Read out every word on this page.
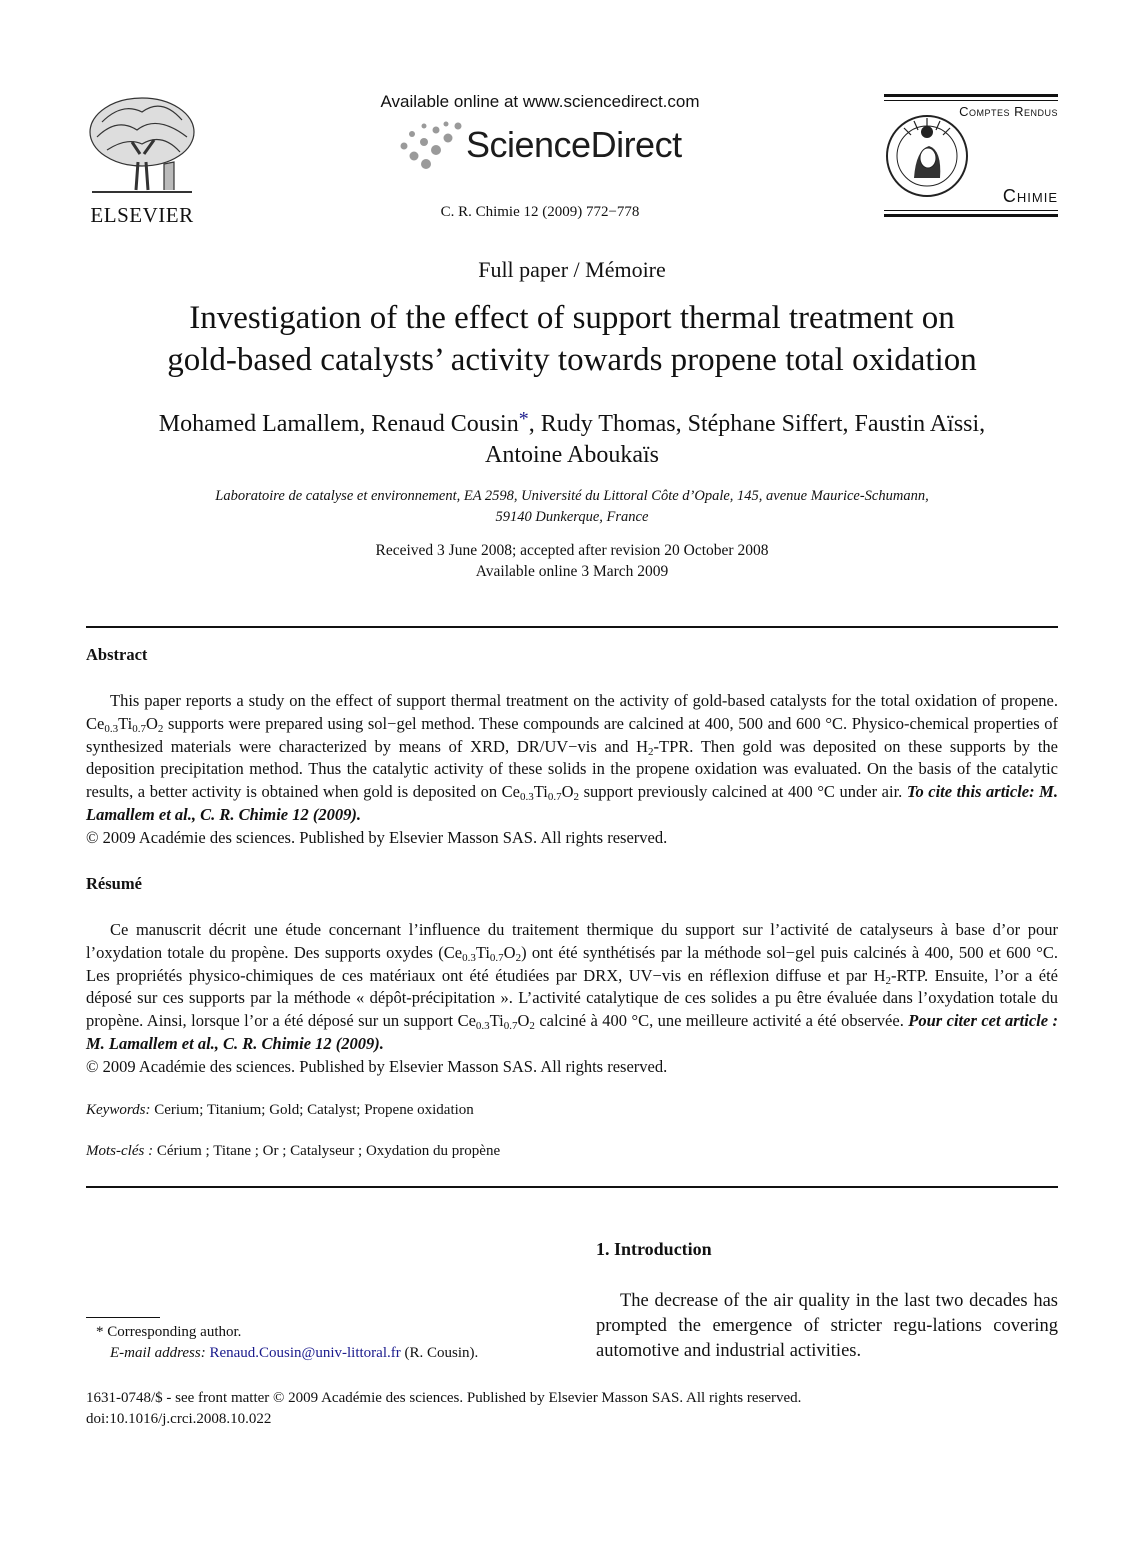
ELSEVIER
Available online at www.sciencedirect.com
ScienceDirect
C. R. Chimie 12 (2009) 772−778
Comptes Rendus
Chimie
Full paper / Mémoire
Investigation of the effect of support thermal treatment on
gold-based catalysts’ activity towards propene total oxidation
Mohamed Lamallem, Renaud Cousin*, Rudy Thomas, Stéphane Siffert, Faustin Aïssi,
Antoine Aboukaïs
Laboratoire de catalyse et environnement, EA 2598, Université du Littoral Côte d’Opale, 145, avenue Maurice-Schumann,
59140 Dunkerque, France
Received 3 June 2008; accepted after revision 20 October 2008
Available online 3 March 2009
Abstract

This paper reports a study on the effect of support thermal treatment on the activity of gold-based catalysts for the total oxidation of propene. $Ce_{0.3}Ti_{0.7}O_2$ supports were prepared using sol−gel method. These compounds are calcined at 400, 500 and 600 °C. Physico-chemical properties of synthesized materials were characterized by means of XRD, DR/UV−vis and $H_2$-TPR. Then gold was deposited on these supports by the deposition precipitation method. Thus the catalytic activity of these solids in the propene oxidation was evaluated. On the basis of the catalytic results, a better activity is obtained when gold is deposited on $Ce_{0.3}Ti_{0.7}O_2$ support previously calcined at 400 °C under air. To cite this article: M. Lamallem et al., C. R. Chimie 12 (2009).

© 2009 Académie des sciences. Published by Elsevier Masson SAS. All rights reserved.

Résumé

Ce manuscrit décrit une étude concernant l’influence du traitement thermique du support sur l’activité de catalyseurs à base d’or pour l’oxydation totale du propène. Des supports oxydes $(Ce_{0.3}Ti_{0.7}O_2)$ ont été synthétisés par la méthode sol−gel puis calcinés à 400, 500 et 600 °C. Les propriétés physico-chimiques de ces matériaux ont été étudiées par DRX, UV−vis en réflexion diffuse et par $H_2$-RTP. Ensuite, l’or a été déposé sur ces supports par la méthode « dépôt-précipitation ». L’activité catalytique de ces solides a pu être évaluée dans l’oxydation totale du propène. Ainsi, lorsque l’or a été déposé sur un support $Ce_{0.3}Ti_{0.7}O_2$ calciné à 400 °C, une meilleure activité a été observée. Pour citer cet article : M. Lamallem et al., C. R. Chimie 12 (2009).

© 2009 Académie des sciences. Published by Elsevier Masson SAS. All rights reserved.

Keywords: Cerium; Titanium; Gold; Catalyst; Propene oxidation
Mots-clés : Cérium ; Titane ; Or ; Catalyseur ; Oxydation du propène
1. Introduction
The decrease of the air quality in the last two decades has prompted the emergence of stricter regu-lations covering automotive and industrial activities.
* Corresponding author.
E-mail address: Renaud.Cousin@univ-littoral.fr (R. Cousin).
1631-0748/$ - see front matter © 2009 Académie des sciences. Published by Elsevier Masson SAS. All rights reserved.
doi:10.1016/j.crci.2008.10.022
